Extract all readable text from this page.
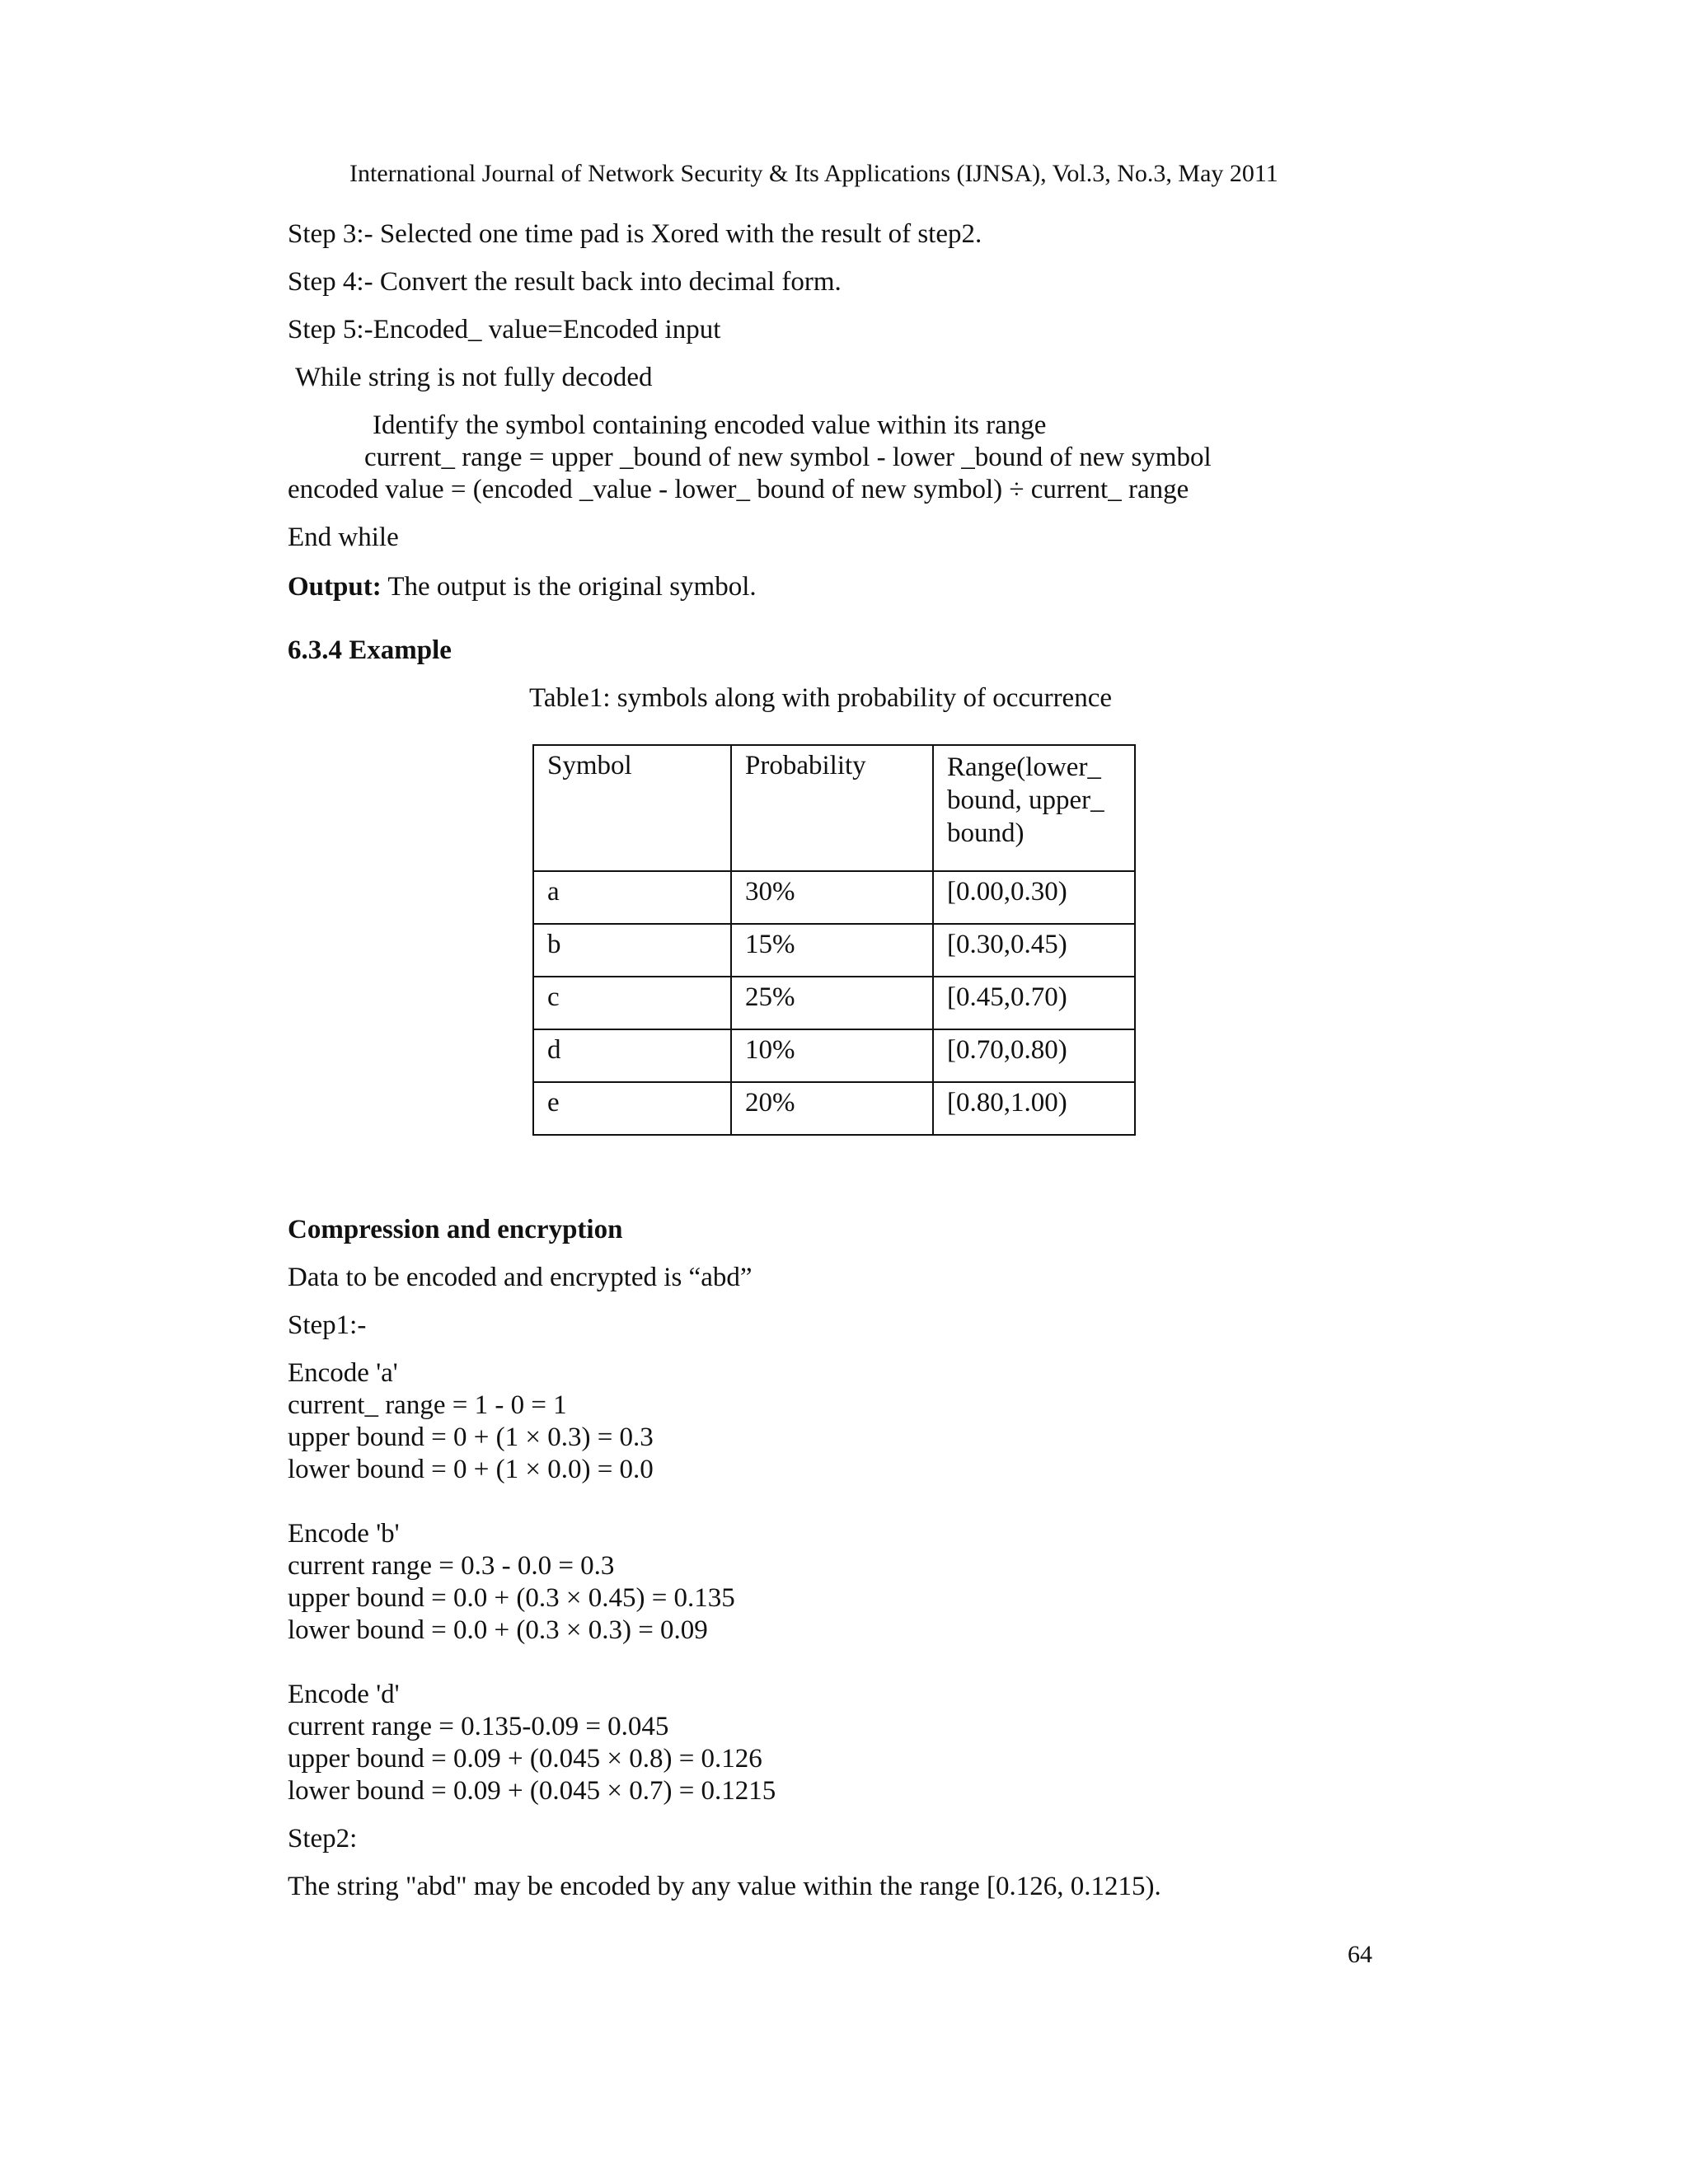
International Journal of Network Security & Its Applications (IJNSA), Vol.3, No.3, May 2011
Step 3:- Selected one time pad is Xored with the result of step2.
Step 4:- Convert the result back into decimal form.
Step 5:-Encoded_ value=Encoded input
While string is not fully decoded
Identify the symbol containing encoded value within its range
current_ range = upper _bound of new symbol - lower _bound of new symbol
encoded value = (encoded _value - lower_ bound of new symbol) ÷ current_ range
End while
Output: The output is the original symbol.
6.3.4 Example
Table1: symbols along with probability of occurrence
Symbol	Probability	Range(lower_ bound, upper_ bound)
a	30%	[0.00,0.30)
b	15%	[0.30,0.45)
c	25%	[0.45,0.70)
d	10%	[0.70,0.80)
e	20%	[0.80,1.00)
Compression and encryption
Data to be encoded and encrypted is “abd”
Step1:-
Encode 'a'
current_ range = 1 - 0 = 1
upper bound = 0 + (1 × 0.3) = 0.3
lower bound = 0 + (1 × 0.0) = 0.0
Encode 'b'
current range = 0.3 - 0.0 = 0.3
upper bound = 0.0 + (0.3 × 0.45) = 0.135
lower bound = 0.0 + (0.3 × 0.3) = 0.09
Encode 'd'
current range = 0.135-0.09 = 0.045
upper bound = 0.09 + (0.045 × 0.8) = 0.126
lower bound = 0.09 + (0.045 × 0.7) = 0.1215
Step2:
The string "abd" may be encoded by any value within the range [0.126, 0.1215).
64
